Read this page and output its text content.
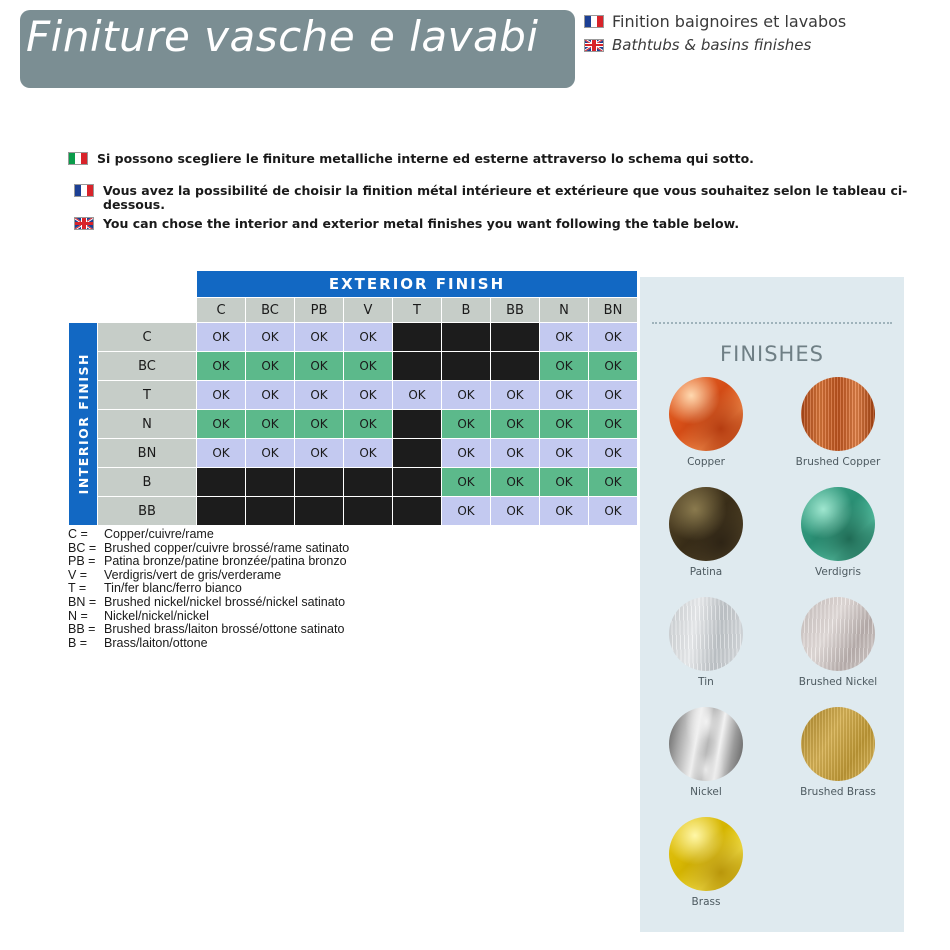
Finiture vasche e lavabi	Finition baignoires et lavabos
Bathtubs & basins finishes
Si possono scegliere le finiture metalliche interne ed esterne attraverso lo schema qui sotto.
Vous avez la possibilité de choisir la finition métal intérieure et extérieure que vous souhaitez selon le tableau ci-dessous.
You can chose the interior and exterior metal finishes you want following the table below.
		EXTERIOR FINISH								
		C	BC	PB	V	T	B	BB	N	BN

INTERIOR FINISH	C	OK	OK	OK	OK				OK	OK
	BC	OK	OK	OK	OK				OK	OK
	T	OK	OK	OK	OK	OK	OK	OK	OK	OK
	N	OK	OK	OK	OK		OK	OK	OK	OK
	BN	OK	OK	OK	OK		OK	OK	OK	OK
	B						OK	OK	OK	OK
	BB						OK	OK	OK	OK
C =	Copper/cuivre/rame
BC = Brushed copper/cuivre brossé/rame satinato
PB = Patina bronze/patine bronzée/patina bronzo
V =	Verdigris/vert de gris/verderame
T =	Tin/fer blanc/ferro bianco
BN = Brushed nickel/nickel brossé/nickel satinato
N =	Nickel/nickel/nickel
BB = Brushed brass/laiton brossé/ottone satinato
B =	Brass/laiton/ottone
FINISHES
Copper	Brushed Copper
Patina	Verdigris
Tin	Brushed Nickel
Nickel	Brushed Brass
Brass
